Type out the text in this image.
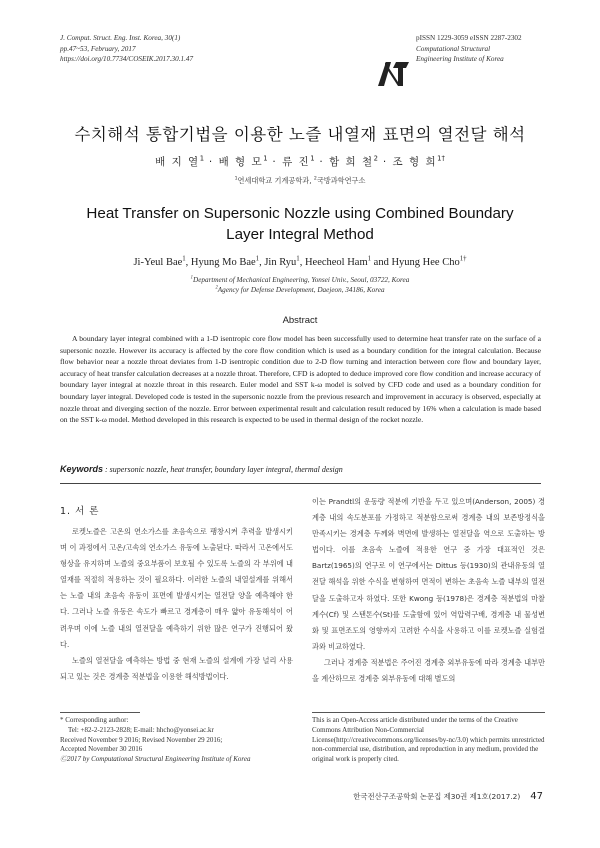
J. Comput. Struct. Eng. Inst. Korea, 30(1)
pp.47~53, February, 2017
https://doi.org/10.7734/COSEIK.2017.30.1.47
pISSN 1229-3059 eISSN 2287-2302
Computational Structural
Engineering Institute of Korea
수치해석 통합기법을 이용한 노즐 내열재 표면의 열전달 해석
배 지 열$^1$ · 배 형 모$^1$ · 류 진$^1$ · 함 희 철$^2$ · 조 형 희$^{1\dagger}$
$^1$연세대학교 기계공학과, $^2$국방과학연구소
Heat Transfer on Supersonic Nozzle using Combined Boundary
Layer Integral Method
Ji-Yeul Bae$^1$, Hyung Mo Bae$^1$, Jin Ryu$^1$, Heecheol Ham$^1$ and Hyung Hee Cho$^{1\dagger}$
$^1$Department of Mechanical Engineering, Yonsei Univ., Seoul, 03722, Korea
$^2$Agency for Defense Development, Daejeon, 34186, Korea
Abstract
A boundary layer integral combined with a 1-D isentropic core flow model has been successfully used to determine heat transfer rate on the surface of a supersonic nozzle. However its accuracy is affected by the core flow condition which is used as a boundary condition for the integral calculation. Because flow behavior near a nozzle throat deviates from 1-D isentropic condition due to 2-D flow turning and interaction between core flow and boundary layer, accuracy of heat transfer calculation decreases at a nozzle throat. Therefore, CFD is adopted to deduce improved core flow condition and increase accuracy of boundary layer integral at nozzle throat in this research. Euler model and SST k-ω model is solved by CFD code and used as a boundary condition for boundary layer integral. Developed code is tested in the supersonic nozzle from the previous research and improvement in accuracy is observed, especially at nozzle throat and diverging section of the nozzle. Error between experimental result and calculation result reduced by 16% when a calculation is made based on the SST k-ω model. Method developed in this research is expected to be used in thermal design of the rocket nozzle.
Keywords : supersonic nozzle, heat transfer, boundary layer integral, thermal design
1. 서 론

로켓노즐은 고온의 연소가스를 초음속으로 팽창시켜 추력을 발생시키며 이 과정에서 고온/고속의 연소가스 유동에 노출된다. 따라서 고온에서도 형상을 유지하며 노즐의 중요부품이 보호될 수 있도록 노즐의 각 부위에 내열재를 적절히 적용하는 것이 필요하다. 이러한 노즐의 내열설계를 위해서는 노즐 내의 초음속 유동이 표면에 발생시키는 열전달 양을 예측해야 한다. 그러나 노즐 유동은 속도가 빠르고 경계층이 매우 얇아 유동해석이 어려우며 이에 노즐 내의 열전달을 예측하기 위한 많은 연구가 진행되어 왔다.

노즐의 열전달을 예측하는 방법 중 현재 노즐의 설계에 가장 널리 사용되고 있는 것은 경계층 적분법을 이용한 해석방법이다.

이는 Prandtl의 운동량 적분에 기반을 두고 있으며(Anderson, 2005) 경계층 내의 속도분포를 가정하고 적분함으로써 경계층 내의 보존방정식을 만족시키는 경계층 두께와 벽면에 발생하는 열전달을 역으로 도출하는 방법이다. 이를 초음속 노즐에 적용한 연구 중 가장 대표적인 것은 Bartz(1965)의 연구로 이 연구에서는 Dittus 등(1930)의 관내유동의 열전달 해석을 위한 수식을 변형하여 면적이 변하는 초음속 노즐 내부의 열전달을 도출하고자 하였다. 또한 Kwong 등(1978)은 경계층 적분법의 마찰계수(Cf) 및 스탠톤수(St)를 도출함에 있어 역압력구배, 경계층 내 물성변화 및 표면조도의 영향까지 고려한 수식을 사용하고 이를 로켓노즐 실험결과와 비교하였다.

그러나 경계층 적분법은 주어진 경계층 외부유동에 따라 경계층 내부만을 계산하므로 경계층 외부유동에 대해 별도의

* Corresponding author:
Tel: +82-2-2123-2828; E-mail: hhcho@yonsei.ac.kr
Received November 9 2016; Revised November 29 2016;
Accepted November 30 2016
Ⓒ2017 by Computational Structural Engineering Institute of Korea
This is an Open-Access article distributed under the terms of the Creative Commons Attribution Non-Commercial License(http://creativecommons.org/licenses/by-nc/3.0) which permits unrestricted non-commercial use, distribution, and reproduction in any medium, provided the original work is properly cited.
한국전산구조공학회 논문집 제30권 제1호(2017.2) 47
